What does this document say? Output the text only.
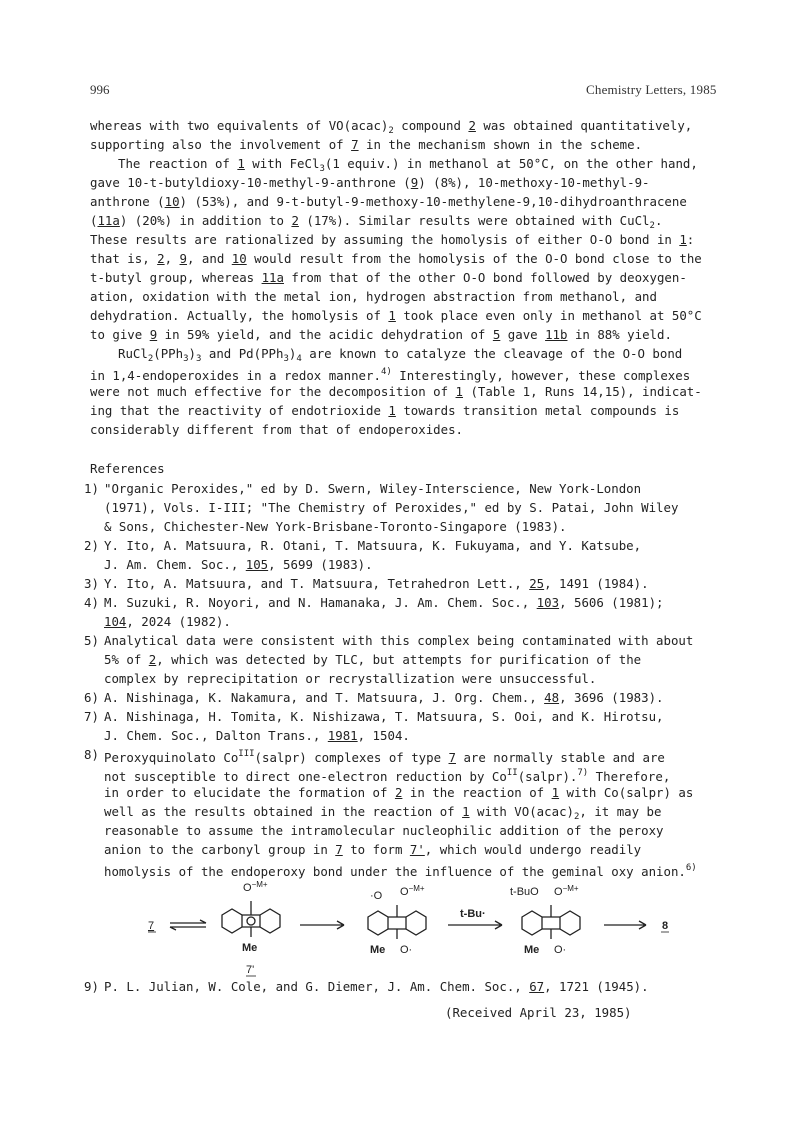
996	Chemistry Letters, 1985
whereas with two equivalents of $VO(acac)_2$ compound 2 was obtained quantitatively,
supporting also the involvement of 7 in the mechanism shown in the scheme.
The reaction of 1 with FeCl$_3$(1 equiv.) in methanol at 50°C, on the other hand,
gave 10-t-butyldioxy-10-methyl-9-anthrone (9) (8%), 10-methoxy-10-methyl-9-
anthrone (10) (53%), and 9-t-butyl-9-methoxy-10-methylene-9,10-dihydroanthracene
(11a) (20%) in addition to 2 (17%). Similar results were obtained with CuCl$_2$.
These results are rationalized by assuming the homolysis of either O-O bond in 1:
that is, 2, 9, and 10 would result from the homolysis of the O-O bond close to the
t-butyl group, whereas 11a from that of the other O-O bond followed by deoxygen-
ation, oxidation with the metal ion, hydrogen abstraction from methanol, and
dehydration. Actually, the homolysis of 1 took place even only in methanol at 50°C
to give 9 in 59% yield, and the acidic dehydration of 5 gave 11b in 88% yield.
$RuCl_2(PPh_3)_3$ and $Pd(PPh_3)_4$ are known to catalyze the cleavage of the O-O bond
in 1,4-endoperoxides in a redox manner.$^{4)}$ Interestingly, however, these complexes
were not much effective for the decomposition of 1 (Table 1, Runs 14,15), indicat-
ing that the reactivity of endotrioxide 1 towards transition metal compounds is
considerably different from that of endoperoxides.
References
1) "Organic Peroxides," ed by D. Swern, Wiley-Interscience, New York-London
(1971), Vols. I-III; "The Chemistry of Peroxides," ed by S. Patai, John Wiley
& Sons, Chichester-New York-Brisbane-Toronto-Singapore (1983).
2) Y. Ito, A. Matsuura, R. Otani, T. Matsuura, K. Fukuyama, and Y. Katsube,
J. Am. Chem. Soc., 105, 5699 (1983).
3) Y. Ito, A. Matsuura, and T. Matsuura, Tetrahedron Lett., 25, 1491 (1984).
4) M. Suzuki, R. Noyori, and N. Hamanaka, J. Am. Chem. Soc., 103, 5606 (1981);
104, 2024 (1982).
5) Analytical data were consistent with this complex being contaminated with about
5% of 2, which was detected by TLC, but attempts for purification of the
complex by reprecipitation or recrystallization were unsuccessful.
6) A. Nishinaga, K. Nakamura, and T. Matsuura, J. Org. Chem., 48, 3696 (1983).
7) A. Nishinaga, H. Tomita, K. Nishizawa, T. Matsuura, S. Ooi, and K. Hirotsu,
J. Chem. Soc., Dalton Trans., 1981, 1504.
8) Peroxyquinolato $Co^{III}(salpr)$ complexes of type 7 are normally stable and are
not susceptible to direct one-electron reduction by $Co^{II}(salpr).^{7)}$ Therefore,
in order to elucidate the formation of 2 in the reaction of 1 with Co(salpr) as
well as the results obtained in the reaction of 1 with $VO(acac)_2$, it may be
reasonable to assume the intramolecular nucleophilic addition of the peroxy
anion to the carbonyl group in 7 to form 7', which would undergo readily
homolysis of the endoperoxy bond under the influence of the geminal oxy anion.$^{6)}$
7
$O^{-M+}$
Me
7'
·O $O^{-M+}$
Me O·
t-Bu·
t-BuO $O^{-M+}$
Me O·
8
9) P. L. Julian, W. Cole, and G. Diemer, J. Am. Chem. Soc., 67, 1721 (1945).
(Received April 23, 1985)
